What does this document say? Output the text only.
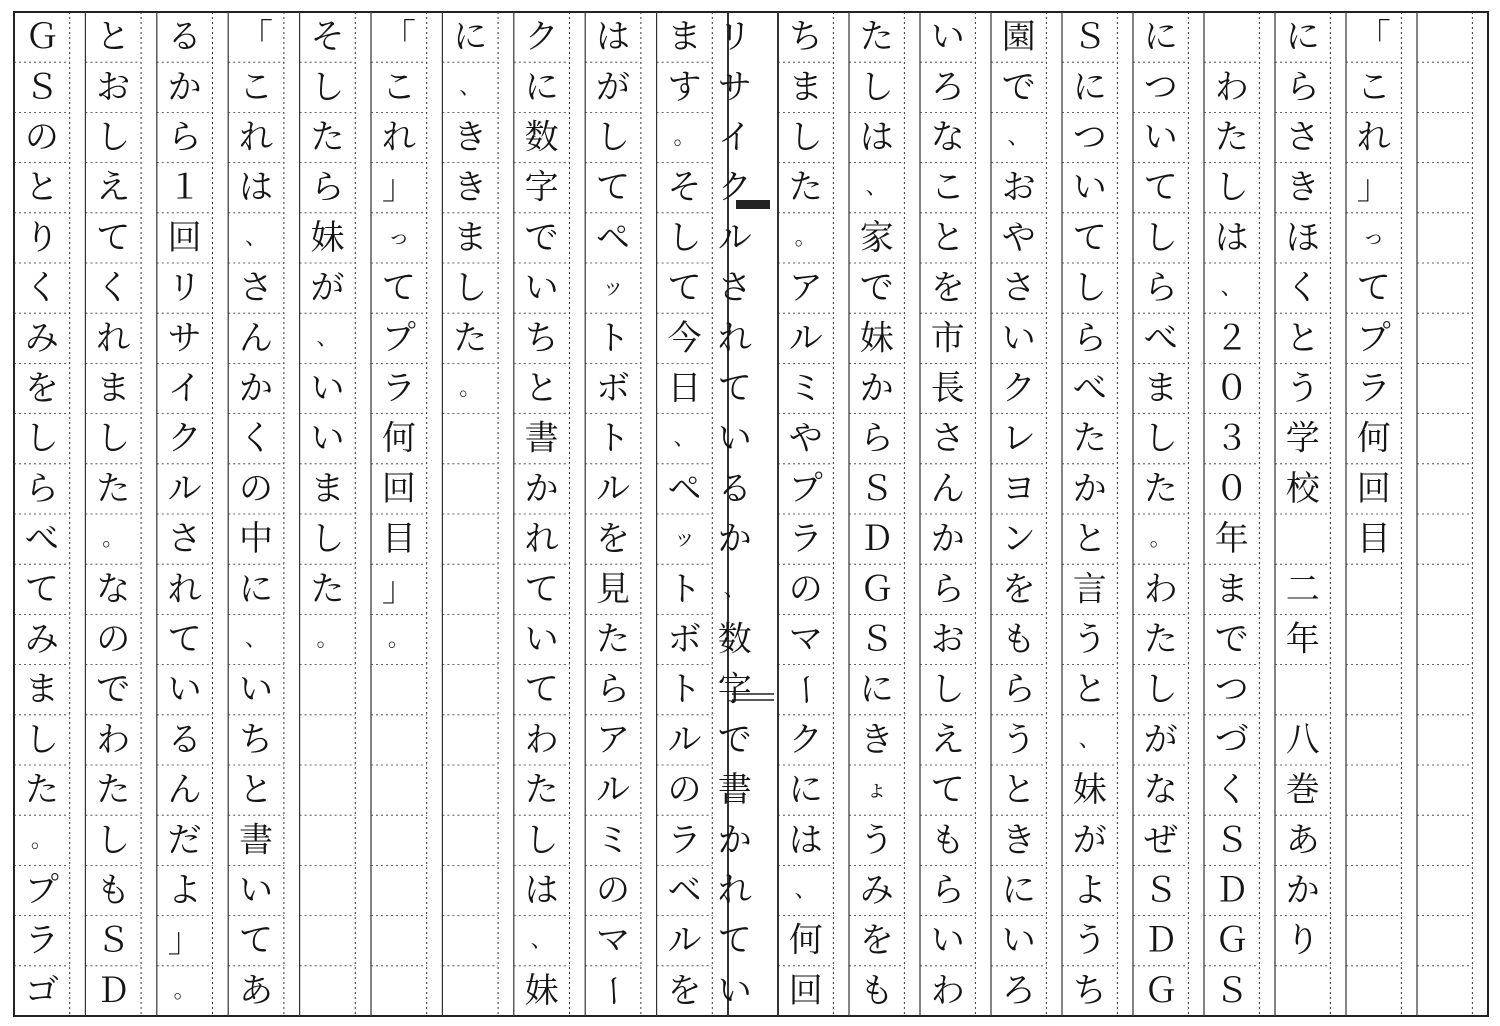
ま
す
。
そ
し
て
今
日
、
ペ
ッ
ト
ボ
ト
ル
の
ラ
ベ
ル
を
は
が
し
て
ペ
ッ
ト
ボ
ト
ル
を
見
た
ら
ア
ル
ミ
の
マ
ー
ク
に
数
字
で
い
ち
と
書
か
れ
て
い
て
わ
た
し
は
、
妹
に
、
き
き
ま
し
た
。
「
こ
れ
」
っ
て
プ
ラ
何
回
目
」
。
そ
し
た
ら
妹
が
、
い
い
ま
し
た
。
「
こ
れ
は
、
さ
ん
か
く
の
中
に
、
い
ち
と
書
い
て
あ
る
か
ら
１
回
リ
サ
イ
ク
ル
さ
れ
て
い
る
ん
だ
よ
」
。
と
お
し
え
て
く
れ
ま
し
た
。
な
の
で
わ
た
し
も
Ｓ
Ｄ
Ｇ
Ｓ
の
と
り
く
み
を
し
ら
べ
て
み
ま
し
た
。
プ
ラ
ゴ
「
こ
れ
」
っ
て
プ
ラ
何
回
目
に
ら
さ
き
ほ
く
と
う
学
校

二
年

八
巻
あ
か
り

わ
た
し
は
、
２
０
３
０
年
ま
で
つ
づ
く
Ｓ
Ｄ
Ｇ
Ｓ
に
つ
い
て
し
ら
べ
ま
し
た
。
わ
た
し
が
な
ぜ
Ｓ
Ｄ
Ｇ
Ｓ
に
つ
い
て
し
ら
べ
た
か
と
言
う
と
、
妹
が
よ
う
ち
園
で
、
お
や
さ
い
ク
レ
ヨ
ン
を
も
ら
う
と
き
に
い
ろ
い
ろ
な
こ
と
を
市
長
さ
ん
か
ら
お
し
え
て
も
ら
い
わ
た
し
は
、
家
で
妹
か
ら
Ｓ
Ｄ
Ｇ
Ｓ
に
き
ょ
う
み
を
も
ち
ま
し
た
。
ア
ル
ミ
や
プ
ラ
の
マ
ー
ク
に
は
、
何
回
リ
サ
イ
ク
ル
さ
れ
て
い
る
か
、
数
字
で
書
か
れ
て
い
